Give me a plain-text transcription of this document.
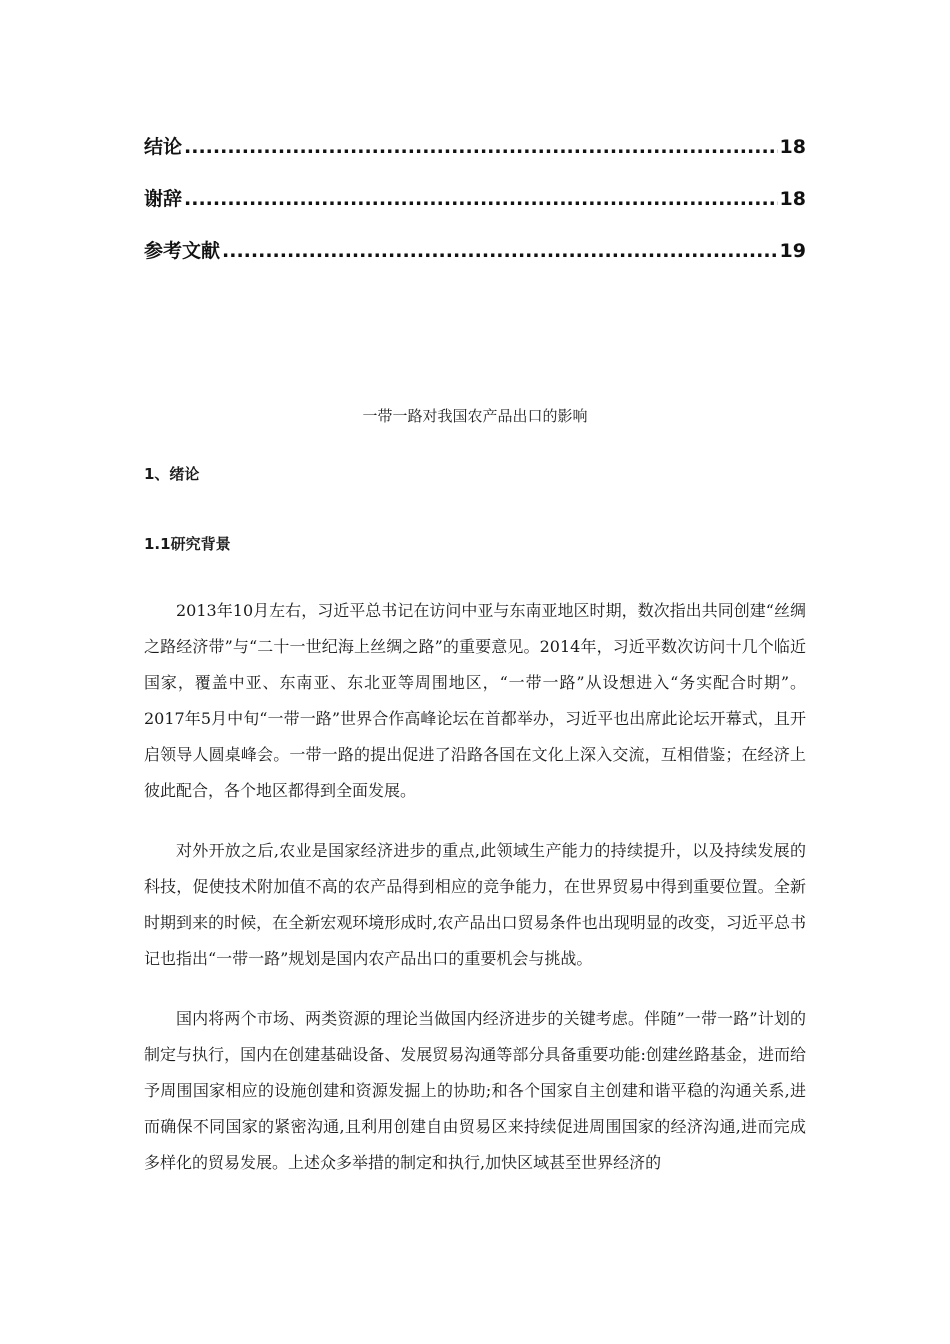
结论 .....	18
谢辞 .....	18
参考文献 .....	19
一带一路对我国农产品出口的影响
1、绪论
1.1研究背景

2013年10月左右，习近平总书记在访问中亚与东南亚地区时期，数次指出共同创建“丝绸之路经济带”与“二十一世纪海上丝绸之路”的重要意见。2014年，习近平数次访问十几个临近国家，覆盖中亚、东南亚、东北亚等周围地区，“一带一路”从设想进入“务实配合时期”。2017年5月中旬“一带一路”世界合作高峰论坛在首都举办，习近平也出席此论坛开幕式，且开启领导人圆桌峰会。一带一路的提出促进了沿路各国在文化上深入交流，互相借鉴；在经济上彼此配合，各个地区都得到全面发展。

对外开放之后,农业是国家经济进步的重点,此领域生产能力的持续提升，以及持续发展的科技，促使技术附加值不高的农产品得到相应的竞争能力，在世界贸易中得到重要位置。全新时期到来的时候，在全新宏观环境形成时,农产品出口贸易条件也出现明显的改变，习近平总书记也指出“一带一路”规划是国内农产品出口的重要机会与挑战。

国内将两个市场、两类资源的理论当做国内经济进步的关键考虑。伴随”一带一路”计划的制定与执行，国内在创建基础设备、发展贸易沟通等部分具备重要功能:创建丝路基金，进而给予周围国家相应的设施创建和资源发掘上的协助;和各个国家自主创建和谐平稳的沟通关系,进而确保不同国家的紧密沟通,且利用创建自由贸易区来持续促进周围国家的经济沟通,进而完成多样化的贸易发展。上述众多举措的制定和执行,加快区域甚至世界经济的
